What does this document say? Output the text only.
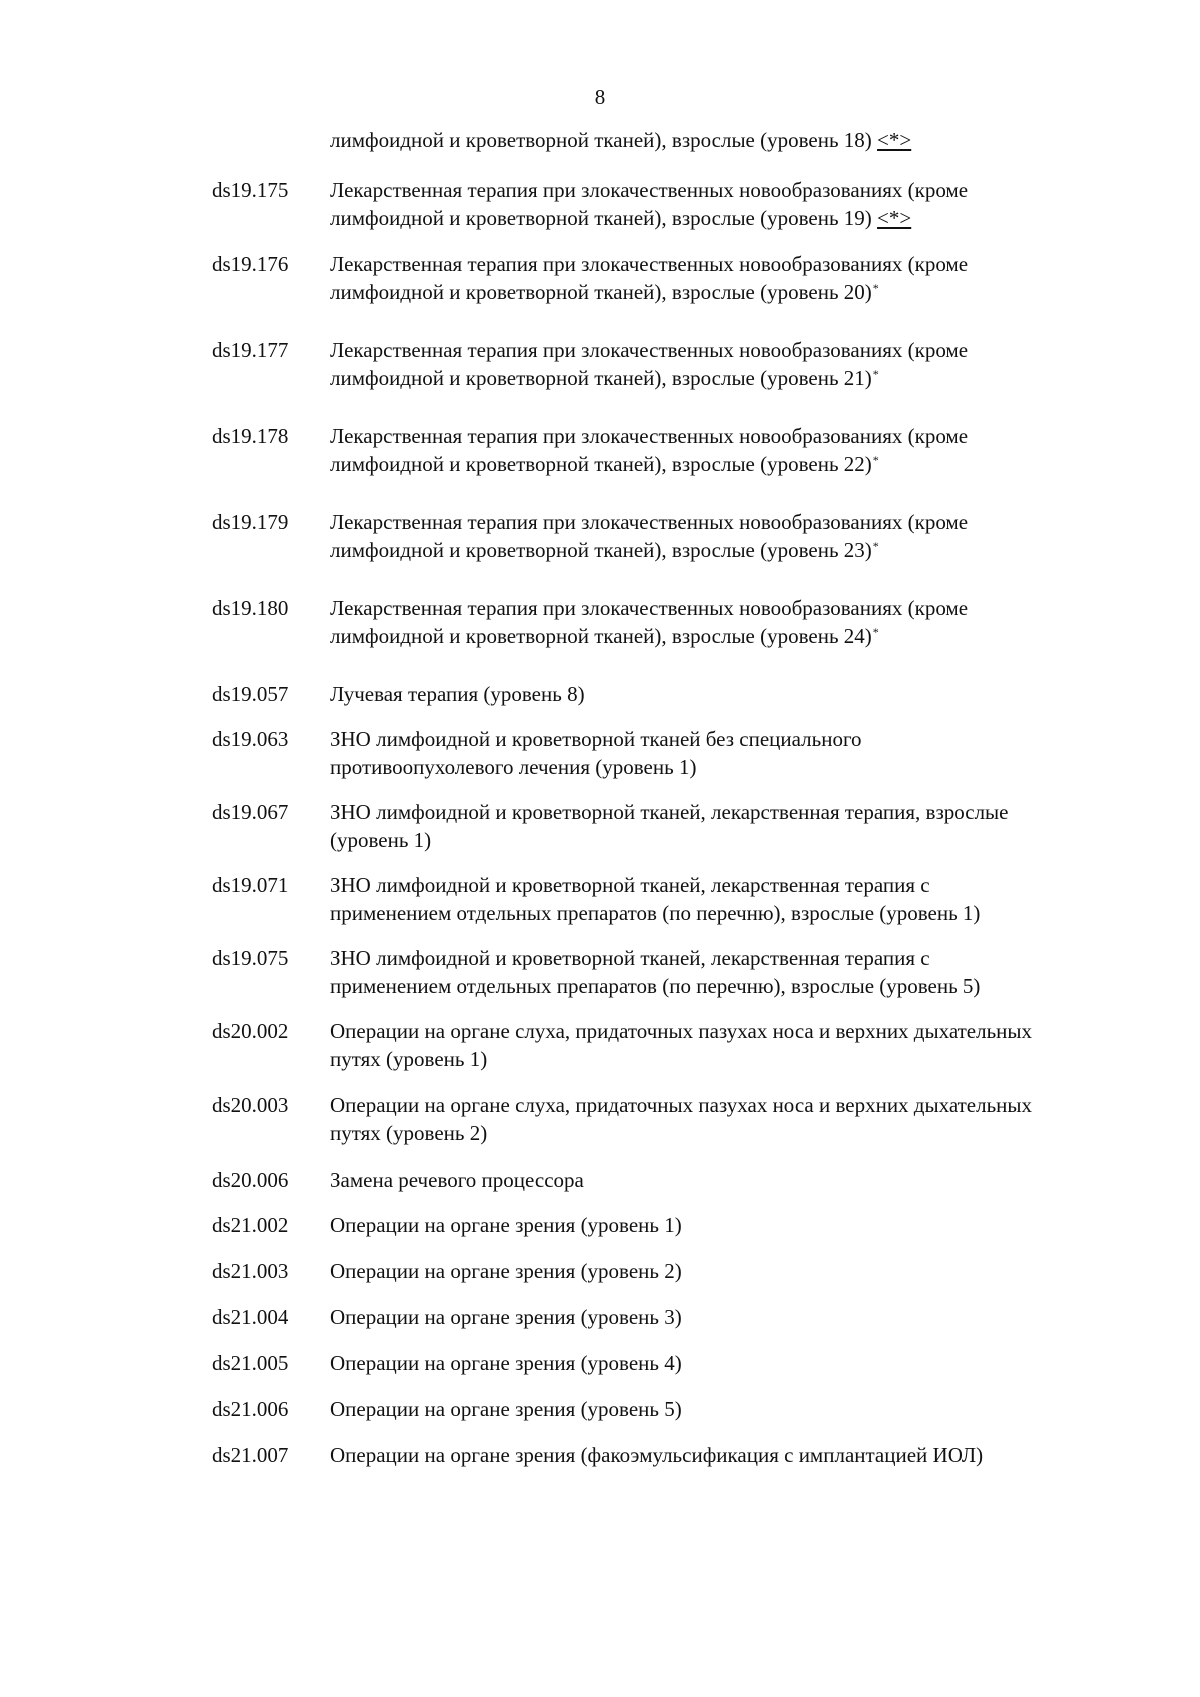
8
лимфоидной и кроветворной тканей), взрослые (уровень 18) <*>
ds19.175	Лекарственная терапия при злокачественных новообразованиях (кроме
лимфоидной и кроветворной тканей), взрослые (уровень 19) <*>
ds19.176	Лекарственная терапия при злокачественных новообразованиях (кроме
лимфоидной и кроветворной тканей), взрослые (уровень 20)*
ds19.177	Лекарственная терапия при злокачественных новообразованиях (кроме
лимфоидной и кроветворной тканей), взрослые (уровень 21)*
ds19.178	Лекарственная терапия при злокачественных новообразованиях (кроме
лимфоидной и кроветворной тканей), взрослые (уровень 22)*
ds19.179	Лекарственная терапия при злокачественных новообразованиях (кроме
лимфоидной и кроветворной тканей), взрослые (уровень 23)*
ds19.180	Лекарственная терапия при злокачественных новообразованиях (кроме
лимфоидной и кроветворной тканей), взрослые (уровень 24)*
ds19.057	Лучевая терапия (уровень 8)
ds19.063	ЗНО лимфоидной и кроветворной тканей без специального
противоопухолевого лечения (уровень 1)
ds19.067	ЗНО лимфоидной и кроветворной тканей, лекарственная терапия, взрослые
(уровень 1)
ds19.071	ЗНО лимфоидной и кроветворной тканей, лекарственная терапия с
применением отдельных препаратов (по перечню), взрослые (уровень 1)
ds19.075	ЗНО лимфоидной и кроветворной тканей, лекарственная терапия с
применением отдельных препаратов (по перечню), взрослые (уровень 5)
ds20.002	Операции на органе слуха, придаточных пазухах носа и верхних дыхательных
путях (уровень 1)
ds20.003	Операции на органе слуха, придаточных пазухах носа и верхних дыхательных
путях (уровень 2)
ds20.006	Замена речевого процессора
ds21.002	Операции на органе зрения (уровень 1)
ds21.003	Операции на органе зрения (уровень 2)
ds21.004	Операции на органе зрения (уровень 3)
ds21.005	Операции на органе зрения (уровень 4)
ds21.006	Операции на органе зрения (уровень 5)
ds21.007	Операции на органе зрения (факоэмульсификация с имплантацией ИОЛ)
